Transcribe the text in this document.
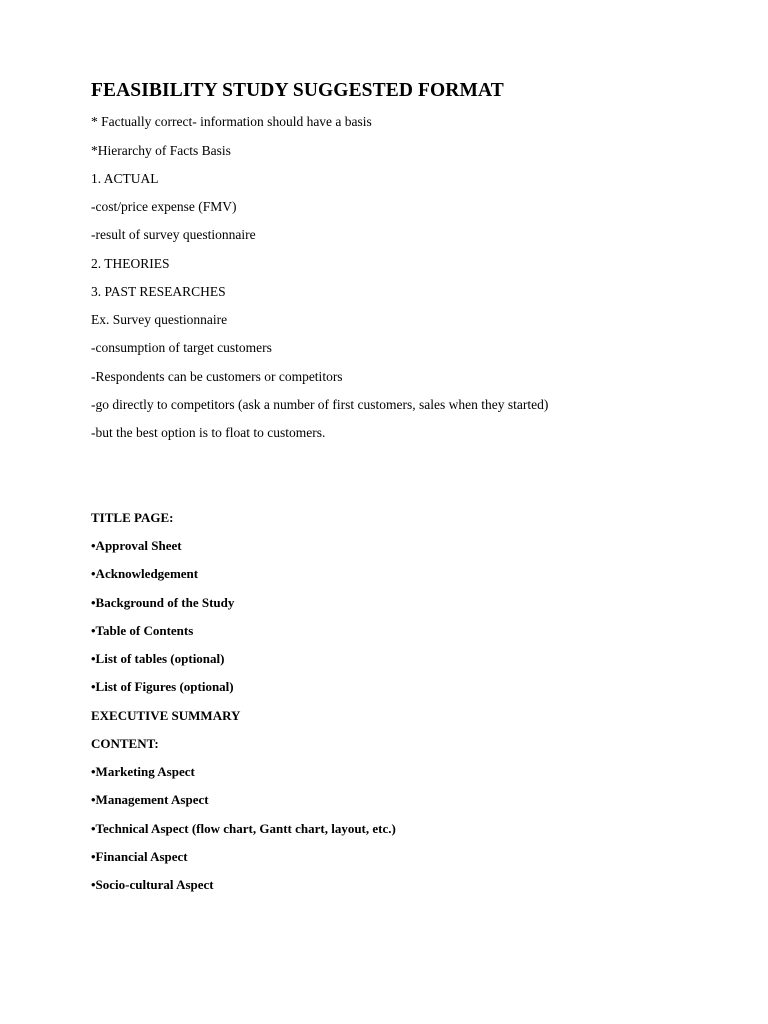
FEASIBILITY STUDY SUGGESTED FORMAT
* Factually correct- information should have a basis
*Hierarchy of Facts Basis
1. ACTUAL
-cost/price expense (FMV)
-result of survey questionnaire
2. THEORIES
3. PAST RESEARCHES
Ex. Survey questionnaire
-consumption of target customers
-Respondents can be customers or competitors
-go directly to competitors (ask a number of first customers, sales when they started)
-but the best option is to float to customers.
TITLE PAGE:
•Approval Sheet
•Acknowledgement
•Background of the Study
•Table of Contents
•List of tables (optional)
•List of Figures (optional)
EXECUTIVE SUMMARY
CONTENT:
•Marketing Aspect
•Management Aspect
•Technical Aspect (flow chart, Gantt chart, layout, etc.)
•Financial Aspect
•Socio-cultural Aspect
